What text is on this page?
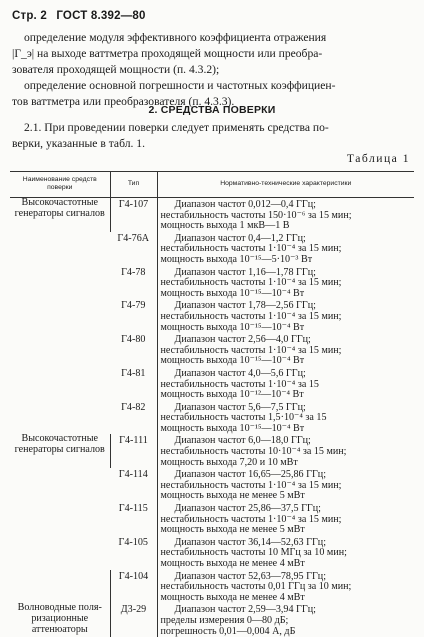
Стр. 2 ГОСТ 8.392—80
определение модуля эффективного коэффициента отражения
|Г_э| на выходе ваттметра проходящей мощности или преобра-
зователя проходящей мощности (п. 4.3.2);
определение основной погрешности и частотных коэффициен-
тов ваттметра или преобразователя (п. 4.3.3).
2. СРЕДСТВА ПОВЕРКИ
2.1. При проведении поверки следует применять средства по-
верки, указанные в табл. 1.
Таблица 1
Наименование средств поверки	Тип	Нормативно-технические характеристики
Высокочастотные генераторы сигналов	Г4-107	Диапазон частот 0,012—0,4 ГГц;
нестабильность частоты 150·10⁻⁶ за 15 мин;
мощность выхода 1 мкВ—1 В

	Г4-76А	Диапазон частот 0,4—1,2 ГГц;
нестабильность частоты 1·10⁻⁴ за 15 мин;
мощность выхода 10⁻¹⁵—5·10⁻³ Вт

	Г4-78	Диапазон частот 1,16—1,78 ГГц;
нестабильность частоты 1·10⁻⁴ за 15 мин;
мощность выхода 10⁻¹⁵—10⁻⁴ Вт

	Г4-79	Диапазон частот 1,78—2,56 ГГц;
нестабильность частоты 1·10⁻⁴ за 15 мин;
мощность выхода 10⁻¹⁵—10⁻⁴ Вт

	Г4-80	Диапазон частот 2,56—4,0 ГГц;
нестабильность частоты 1·10⁻⁴ за 15 мин;
мощность выхода 10⁻¹⁵—10⁻⁴ Вт

	Г4-81	Диапазон частот 4,0—5,6 ГГц;
нестабильность частоты 1·10⁻⁴ за 15
мощность выхода 10⁻¹²—10⁻⁴ Вт

	Г4-82	Диапазон частот 5,6—7,5 ГГц;
нестабильность частоты 1,5·10⁻⁴ за 15
мощность выхода 10⁻¹⁵—10⁻⁴ Вт

Высокочастотные генераторы сигналов	Г4-111	Диапазон частот 6,0—18,0 ГГц;
нестабильность частоты 10·10⁻⁴ за 15 мин;
мощность выхода 7,20 и 10 мВт

	Г4-114	Диапазон частот 16,65—25,86 ГГц;
нестабильность частоты 1·10⁻⁴ за 15 мин;
мощность выхода не менее 5 мВт

	Г4-115	Диапазон частот 25,86—37,5 ГГц;
нестабильность частоты 1·10⁻⁴ за 15 мин;
мощность выхода не менее 5 мВт

	Г4-105	Диапазон частот 36,14—52,63 ГГц;
нестабильность частоты 10 МГц за 10 мин;
мощность выхода не менее 4 мВт

	Г4-104	Диапазон частот 52,63—78,95 ГГц;
нестабильность частоты 0,01 ГГц за 10 мин;
мощность выхода не менее 4 мВт

Волноводные поля- ризационные аттенюаторы	Д3-29	Диапазон частот 2,59—3,94 ГГц;
пределы измерения 0—80 дБ;
погрешность 0,01—0,004 А, дБ
